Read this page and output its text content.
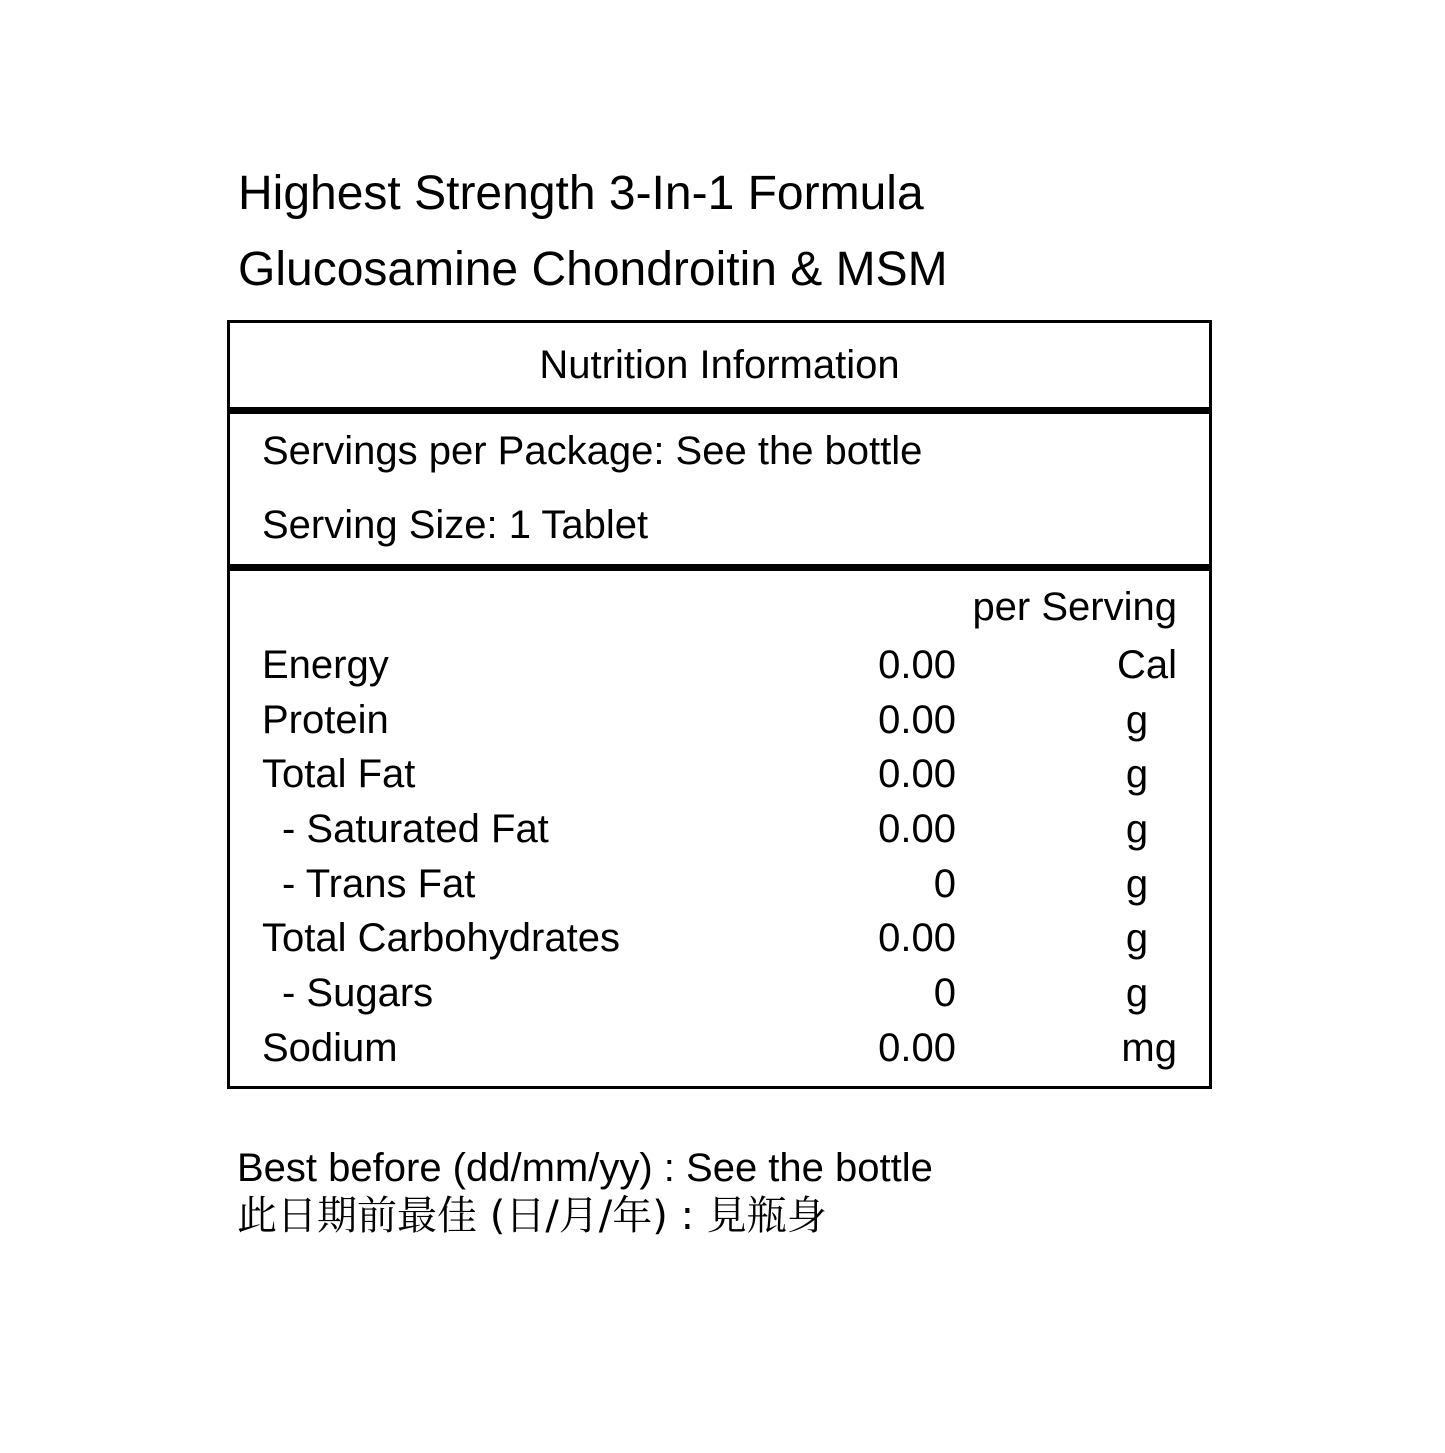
Highest Strength 3-In-1 Formula
Glucosamine Chondroitin & MSM
Nutrition Information
Servings per Package: See the bottle
Serving Size: 1 Tablet
per Serving
Energy	0.00	Cal
Protein	0.00	g
Total Fat	0.00	g
- Saturated Fat	0.00	g
- Trans Fat	0	g
Total Carbohydrates	0.00	g
- Sugars	0	g
Sodium	0.00	mg
Best before (dd/mm/yy) : See the bottle
此日期前最佳 (日/月/年) : 見瓶身
